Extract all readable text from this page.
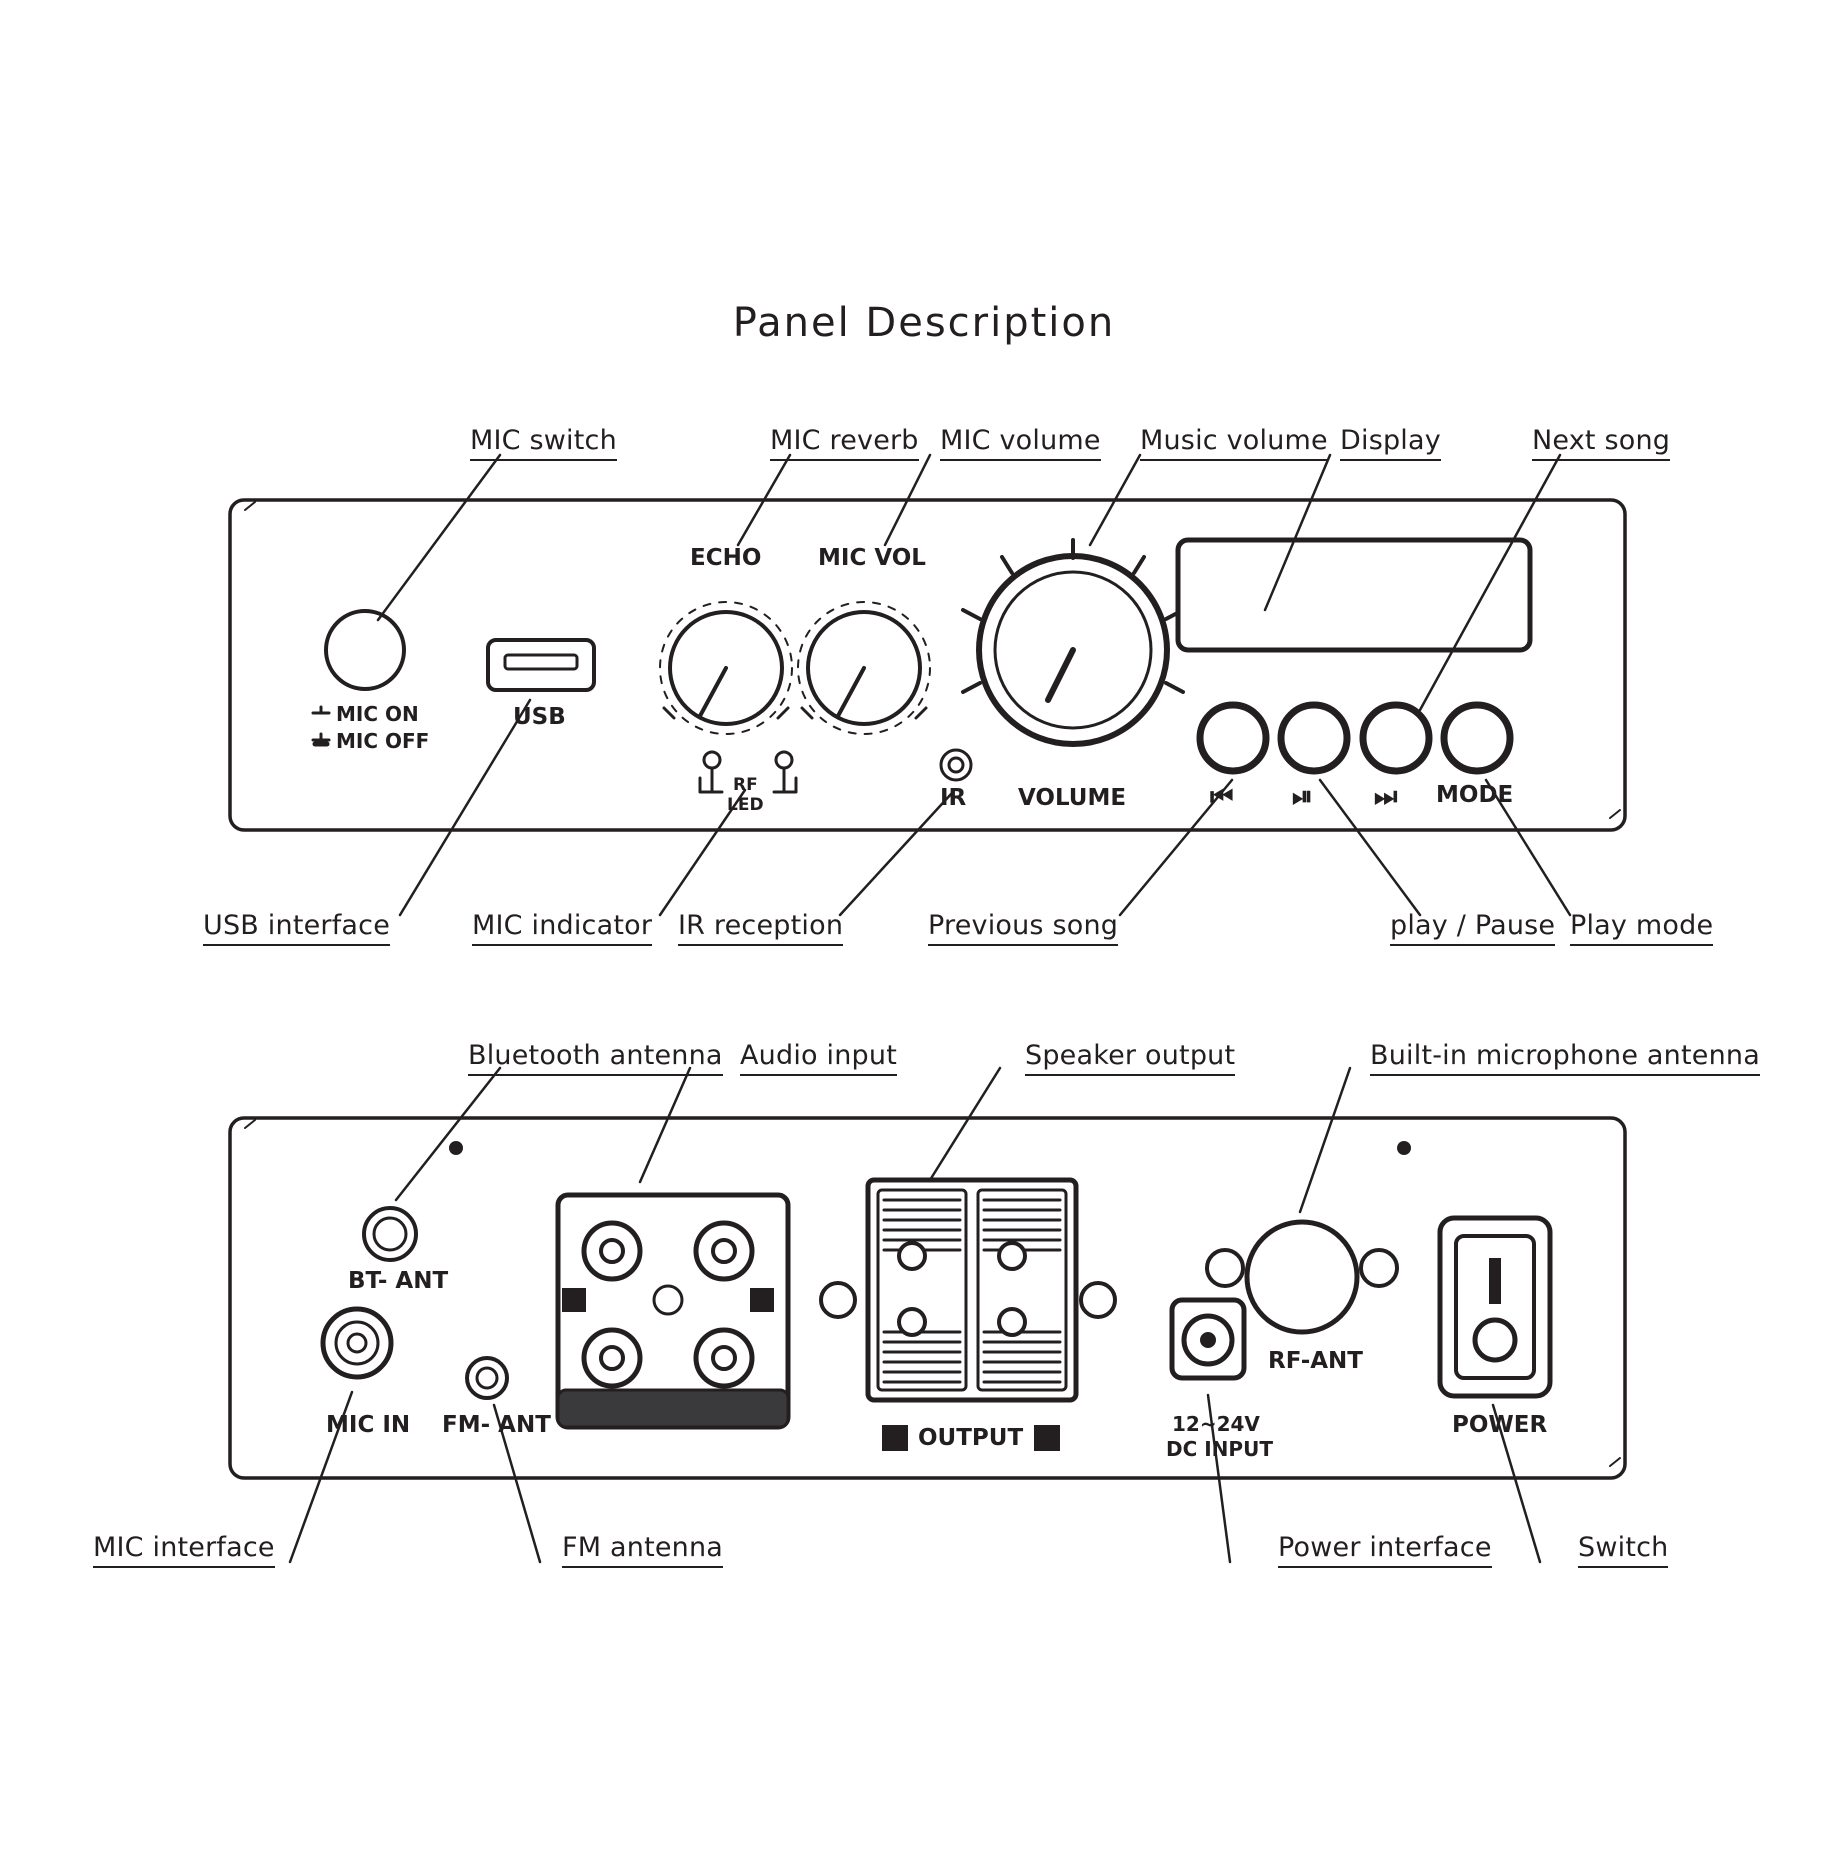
Panel Description
MIC switch	MIC reverb MIC volume Music volume Display	Next song
USB interface	MIC indicator IR reception	Previous song	play / Pause Play mode
MIC ON
MIC OFF
USB
ECHO MIC VOL
RF
LED	IR VOLUME	⏮ ⏯ ⏭ MODE
Bluetooth antenna Audio input	Speaker output	Built-in microphone antenna
MIC interface	FM antenna	Power interface	Switch
BT- ANT
MIC IN FM- ANT	OUTPUT
12~24V
DC INPUT
RF-ANT
POWER
